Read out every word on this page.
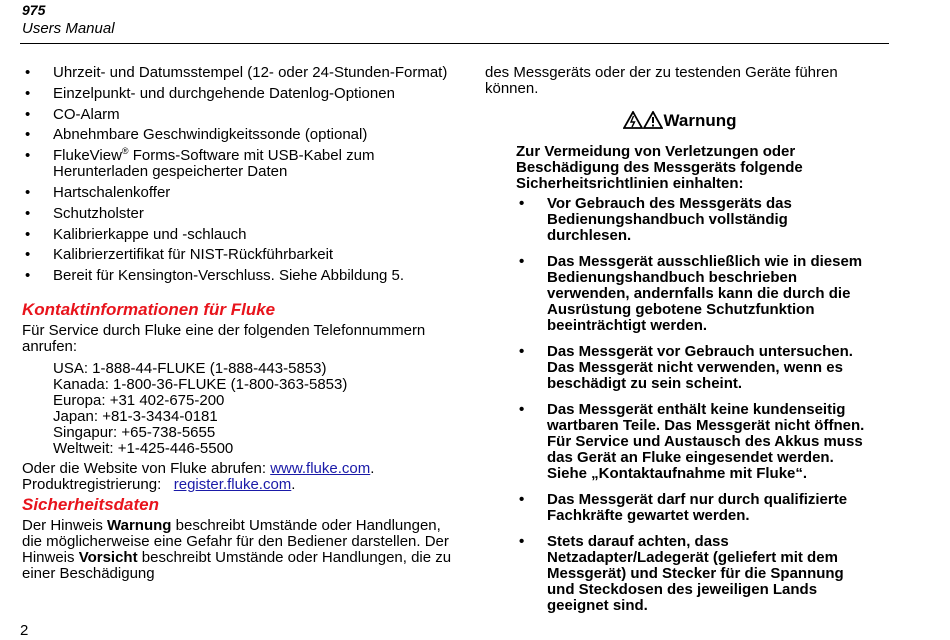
975
Users Manual
• Uhrzeit- und Datumsstempel (12- oder 24-Stunden-Format)
• Einzelpunkt- und durchgehende Datenlog-Optionen
• CO-Alarm
• Abnehmbare Geschwindigkeitssonde (optional)
• FlukeView® Forms-Software mit USB-Kabel zum Herunterladen gespeicherter Daten
• Hartschalenkoffer
• Schutzholster
• Kalibrierkappe und -schlauch
• Kalibrierzertifikat für NIST-Rückführbarkeit
• Bereit für Kensington-Verschluss. Siehe Abbildung 5.
Kontaktinformationen für Fluke
Für Service durch Fluke eine der folgenden Telefonnummern anrufen:
USA: 1-888-44-FLUKE (1-888-443-5853)
Kanada: 1-800-36-FLUKE (1-800-363-5853)
Europa: +31 402-675-200
Japan: +81-3-3434-0181
Singapur: +65-738-5655
Weltweit: +1-425-446-5500
Oder die Website von Fluke abrufen: www.fluke.com.
Produktregistrierung:   register.fluke.com.
Sicherheitsdaten
Der Hinweis Warnung beschreibt Umstände oder Handlungen, die möglicherweise eine Gefahr für den Bediener darstellen. Der Hinweis Vorsicht beschreibt Umstände oder Handlungen, die zu einer Beschädigung
des Messgeräts oder der zu testenden Geräte führen können.
Warnung
Zur Vermeidung von Verletzungen oder Beschädigung des Messgeräts folgende Sicherheitsrichtlinien einhalten:
• Vor Gebrauch des Messgeräts das Bedienungshandbuch vollständig durchlesen.
• Das Messgerät ausschließlich wie in diesem Bedienungshandbuch beschrieben verwenden, andernfalls kann die durch die Ausrüstung gebotene Schutzfunktion beeinträchtigt werden.
• Das Messgerät vor Gebrauch untersuchen. Das Messgerät nicht verwenden, wenn es beschädigt zu sein scheint.
• Das Messgerät enthält keine kundenseitig wartbaren Teile. Das Messgerät nicht öffnen. Für Service und Austausch des Akkus muss das Gerät an Fluke eingesendet werden. Siehe „Kontaktaufnahme mit Fluke“.
• Das Messgerät darf nur durch qualifizierte Fachkräfte gewartet werden.
• Stets darauf achten, dass Netzadapter/Ladegerät (geliefert mit dem Messgerät) und Stecker für die Spannung und Steckdosen des jeweiligen Lands geeignet sind.
2
